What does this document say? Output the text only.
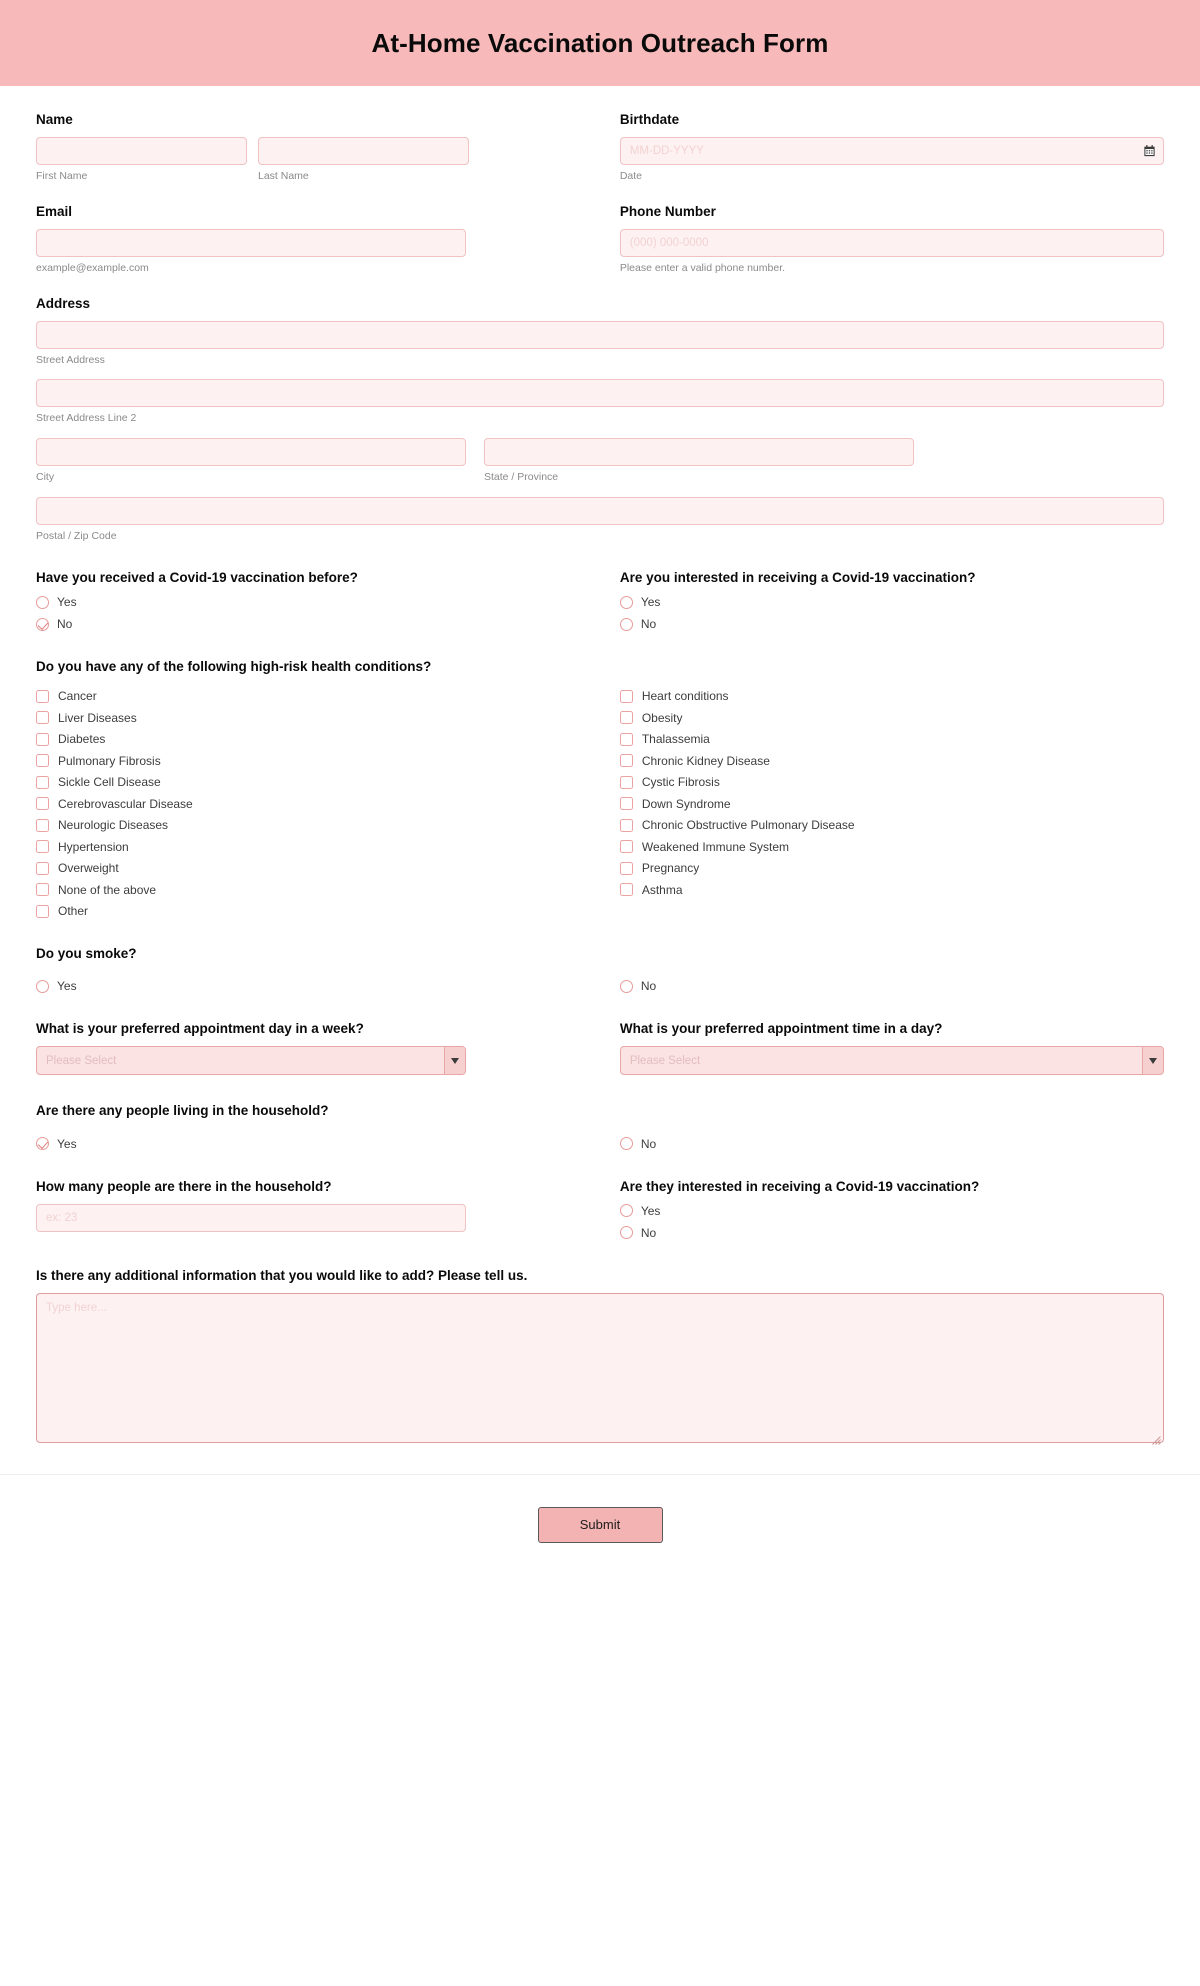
At-Home Vaccination Outreach Form
Name
First Name	Last Name
Birthdate
MM-DD-YYYY
Date
Email
example@example.com
Phone Number
(000) 000-0000
Please enter a valid phone number.
Address
Street Address
Street Address Line 2
City	State / Province
Postal / Zip Code
Have you received a Covid-19 vaccination before?
Yes
No
Are you interested in receiving a Covid-19 vaccination?
Yes
No
Do you have any of the following high-risk health conditions?
Cancer
Liver Diseases
Diabetes
Pulmonary Fibrosis
Sickle Cell Disease
Cerebrovascular Disease
Neurologic Diseases
Hypertension
Overweight
None of the above
Other
Heart conditions
Obesity
Thalassemia
Chronic Kidney Disease
Cystic Fibrosis
Down Syndrome
Chronic Obstructive Pulmonary Disease
Weakened Immune System
Pregnancy
Asthma
Do you smoke?
Yes	No
What is your preferred appointment day in a week?
Please Select
What is your preferred appointment time in a day?
Please Select
Are there any people living in the household?
Yes	No
How many people are there in the household?
ex: 23	Are they interested in receiving a Covid-19 vaccination?
Yes
No
Is there any additional information that you would like to add? Please tell us.
Type here...
Submit
